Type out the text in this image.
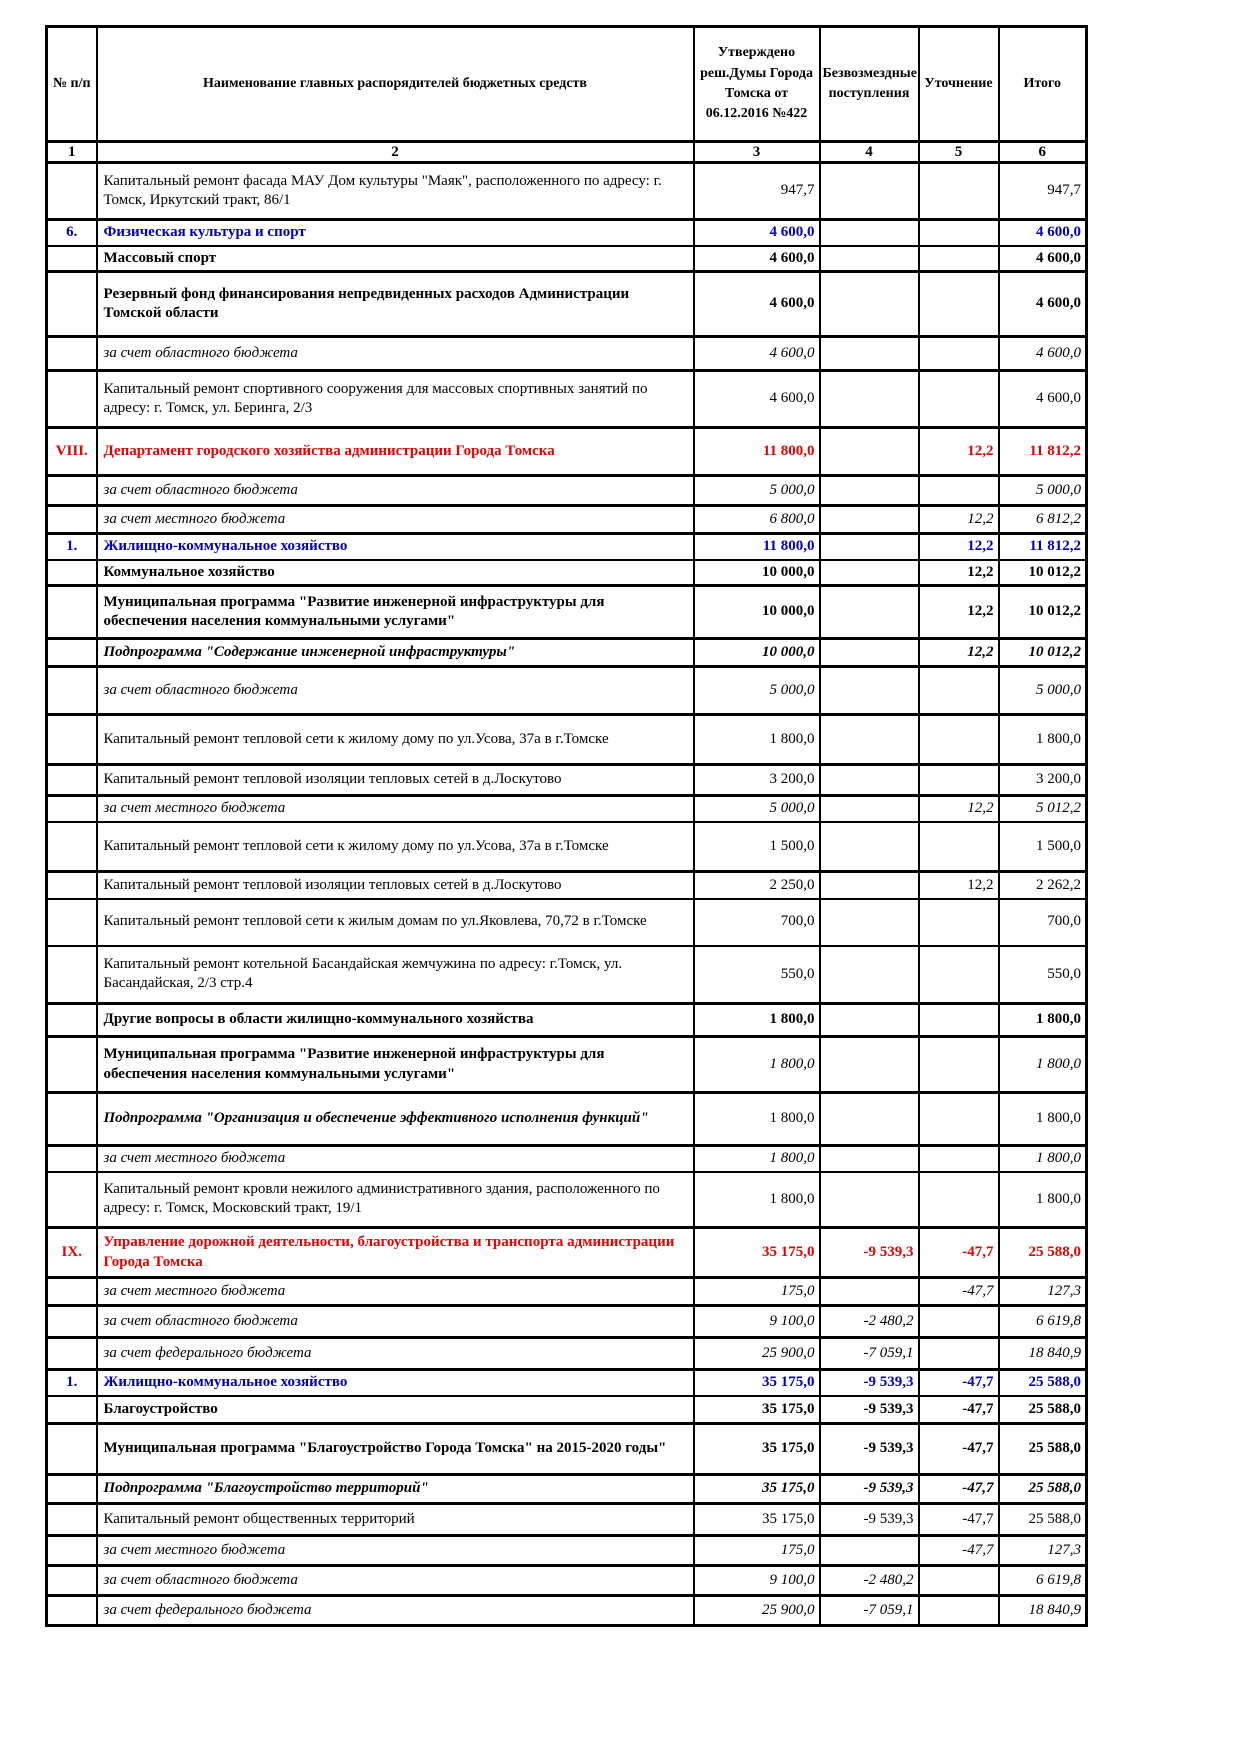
№ п/п	Наименование главных распорядителей бюджетных средств	Утверждено реш.Думы Города Томска от 06.12.2016 №422	Безвозмездные поступления	Уточнение	Итого
1	2	3	4	5	6
	Капитальный ремонт фасада МАУ Дом культуры "Маяк", расположенного по адресу: г. Томск, Иркутский тракт, 86/1	947,7			947,7
6.	Физическая культура и спорт	4 600,0			4 600,0
	Массовый спорт	4 600,0			4 600,0
	Резервный фонд финансирования непредвиденных расходов Администрации Томской области	4 600,0			4 600,0
	за счет областного бюджета	4 600,0			4 600,0
	Капитальный ремонт спортивного сооружения для массовых спортивных занятий по адресу: г. Томск, ул. Беринга, 2/3	4 600,0			4 600,0
VIII.	Департамент городского хозяйства администрации Города Томска	11 800,0		12,2	11 812,2
	за счет областного бюджета	5 000,0			5 000,0
	за счет местного бюджета	6 800,0		12,2	6 812,2
1.	Жилищно-коммунальное хозяйство	11 800,0		12,2	11 812,2
	Коммунальное хозяйство	10 000,0		12,2	10 012,2
	Муниципальная программа "Развитие инженерной инфраструктуры для обеспечения населения коммунальными услугами"	10 000,0		12,2	10 012,2
	Подпрограмма "Содержание инженерной инфраструктуры"	10 000,0		12,2	10 012,2
	за счет областного бюджета	5 000,0			5 000,0
	Капитальный ремонт тепловой сети к жилому дому по ул.Усова, 37а в г.Томске	1 800,0			1 800,0
	Капитальный ремонт тепловой изоляции тепловых сетей в д.Лоскутово	3 200,0			3 200,0
	за счет местного бюджета	5 000,0		12,2	5 012,2
	Капитальный ремонт тепловой сети к жилому дому по ул.Усова, 37а в г.Томске	1 500,0			1 500,0
	Капитальный ремонт тепловой изоляции тепловых сетей в д.Лоскутово	2 250,0		12,2	2 262,2
	Капитальный ремонт тепловой сети к жилым домам по ул.Яковлева, 70,72 в г.Томске	700,0			700,0
	Капитальный ремонт котельной Басандайская жемчужина по адресу: г.Томск, ул. Басандайская, 2/3 стр.4	550,0			550,0
	Другие вопросы в области жилищно-коммунального хозяйства	1 800,0			1 800,0
	Муниципальная программа "Развитие инженерной инфраструктуры для обеспечения населения коммунальными услугами"	1 800,0			1 800,0
	Подпрограмма "Организация и обеспечение эффективного исполнения функций"	1 800,0			1 800,0
	за счет местного бюджета	1 800,0			1 800,0
	Капитальный ремонт кровли нежилого административного здания, расположенного по адресу: г. Томск, Московский тракт, 19/1	1 800,0			1 800,0
IX.	Управление дорожной деятельности, благоустройства и транспорта администрации Города Томска	35 175,0	-9 539,3	-47,7	25 588,0
	за счет местного бюджета	175,0		-47,7	127,3
	за счет областного бюджета	9 100,0	-2 480,2		6 619,8
	за счет федерального бюджета	25 900,0	-7 059,1		18 840,9
1.	Жилищно-коммунальное хозяйство	35 175,0	-9 539,3	-47,7	25 588,0
	Благоустройство	35 175,0	-9 539,3	-47,7	25 588,0
	Муниципальная программа "Благоустройство Города Томска" на 2015-2020 годы"	35 175,0	-9 539,3	-47,7	25 588,0
	Подпрограмма "Благоустройство территорий"	35 175,0	-9 539,3	-47,7	25 588,0
	Капитальный ремонт общественных территорий	35 175,0	-9 539,3	-47,7	25 588,0
	за счет местного бюджета	175,0		-47,7	127,3
	за счет областного бюджета	9 100,0	-2 480,2		6 619,8
	за счет федерального бюджета	25 900,0	-7 059,1		18 840,9
